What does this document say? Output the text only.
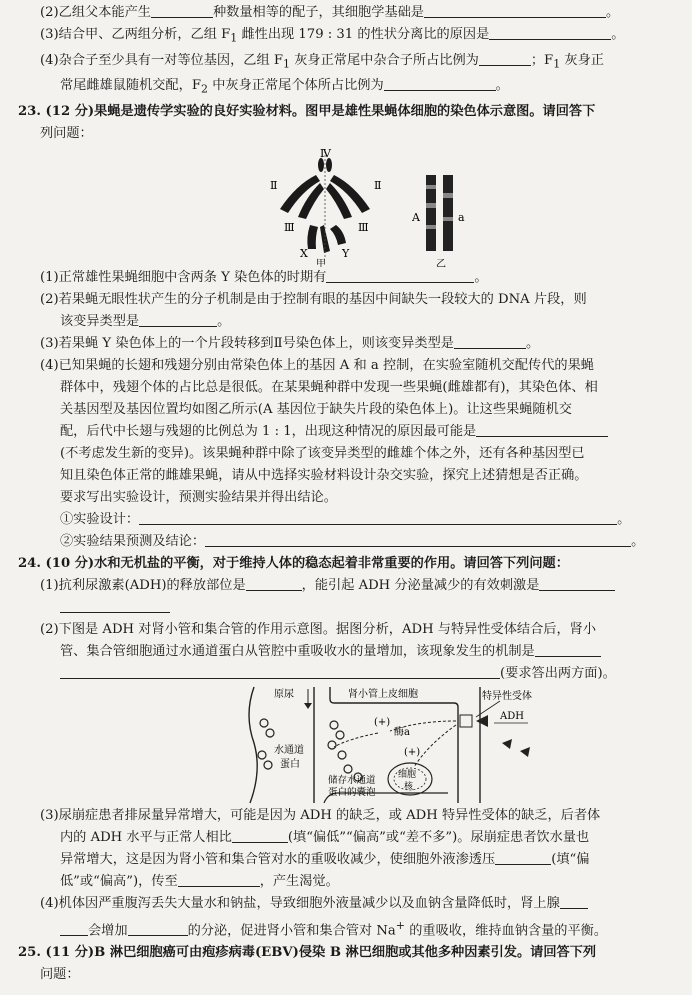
(2)乙组父本能产生	种数量相等的配子，其细胞学基础是	。
(3)结合甲、乙两组分析，乙组 $F_1$ 雌性出现 179 : 31 的性状分离比的原因是	。
(4)杂合子至少具有一对等位基因，乙组 $F_1$ 灰身正常尾中杂合子所占比例为	；$F_1$ 灰身正
常尾雌雄鼠随机交配，$F_2$ 中灰身正常尾个体所占比例为	。
23. (12 分)果蝇是遗传学实验的良好实验材料。图甲是雄性果蝇体细胞的染色体示意图。请回答下
列问题：
Ⅳ
Ⅱ	Ⅱ
Ⅲ	Ⅲ
X	Y
甲
A	a
乙
(1)正常雄性果蝇细胞中含两条 Y 染色体的时期有	。
(2)若果蝇无眼性状产生的分子机制是由于控制有眼的基因中间缺失一段较大的 DNA 片段，则
该变异类型是	。
(3)若果蝇 Y 染色体上的一个片段转移到Ⅱ号染色体上，则该变异类型是	。
(4)已知果蝇的长翅和残翅分别由常染色体上的基因 A 和 a 控制，在实验室随机交配传代的果蝇
群体中，残翅个体的占比总是很低。在某果蝇种群中发现一些果蝇(雌雄都有)，其染色体、相
关基因型及基因位置均如图乙所示(A 基因位于缺失片段的染色体上)。让这些果蝇随机交
配，后代中长翅与残翅的比例总为 1 : 1，出现这种情况的原因最可能是
(不考虑发生新的变异)。该果蝇种群中除了该变异类型的雌雄个体之外，还有各种基因型已
知且染色体正常的雌雄果蝇，请从中选择实验材料设计杂交实验，探究上述猜想是否正确。
要求写出实验设计，预测实验结果并得出结论。
①实验设计：	。
②实验结果预测及结论：	。
24. (10 分)水和无机盐的平衡，对于维持人体的稳态起着非常重要的作用。请回答下列问题：
(1)抗利尿激素(ADH)的释放部位是	，能引起 ADH 分泌量减少的有效刺激是
(2)下图是 ADH 对肾小管和集合管的作用示意图。据图分析，ADH 与特异性受体结合后，肾小
管、集合管细胞通过水通道蛋白从管腔中重吸收水的量增加，该现象发生的机制是
(要求答出两方面)。
原尿	肾小管上皮细胞	特异性受体
ADH
(+)
酶a
(+)
水通道
蛋白
细胞
核
储存水通道
蛋白的囊泡
(3)尿崩症患者排尿量异常增大，可能是因为 ADH 的缺乏，或 ADH 特异性受体的缺乏，后者体
内的 ADH 水平与正常人相比	(填“偏低”“偏高”或“差不多”)。尿崩症患者饮水量也
异常增大，这是因为肾小管和集合管对水的重吸收减少，使细胞外液渗透压	(填“偏
低”或“偏高”)，传至	，产生渴觉。
(4)机体因严重腹泻丢失大量水和钠盐，导致细胞外液量减少以及血钠含量降低时，肾上腺
会增加	的分泌，促进肾小管和集合管对 Na+ 的重吸收，维持血钠含量的平衡。
25. (11 分)B 淋巴细胞癌可由疱疹病毒(EBV)侵染 B 淋巴细胞或其他多种因素引发。请回答下列
问题：
